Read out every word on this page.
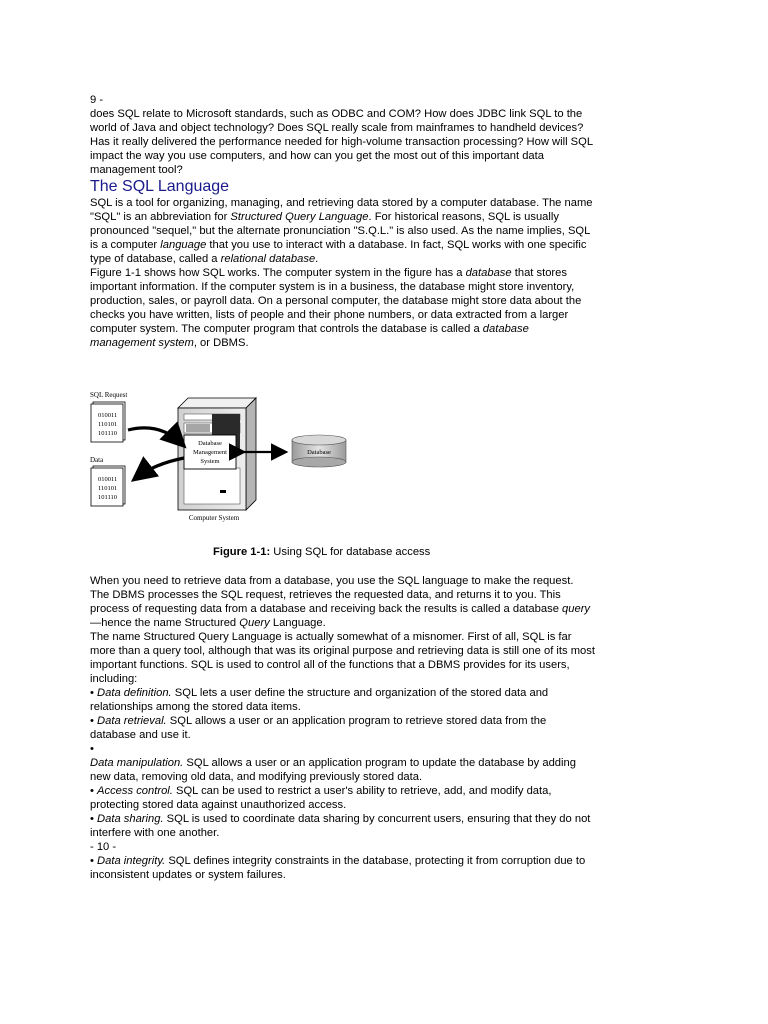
9 -

does SQL relate to Microsoft standards, such as ODBC and COM? How does JDBC link SQL to the world of Java and object technology? Does SQL really scale from mainframes to handheld devices? Has it really delivered the performance needed for high-volume transaction processing? How will SQL impact the way you use computers, and how can you get the most out of this important data management tool?

The SQL Language

SQL is a tool for organizing, managing, and retrieving data stored by a computer database. The name "SQL" is an abbreviation for Structured Query Language. For historical reasons, SQL is usually pronounced "sequel," but the alternate pronunciation "S.Q.L." is also used. As the name implies, SQL is a computer language that you use to interact with a database. In fact, SQL works with one specific type of database, called a relational database.

Figure 1-1 shows how SQL works. The computer system in the figure has a database that stores important information. If the computer system is in a business, the database might store inventory, production, sales, or payroll data. On a personal computer, the database might store data about the checks you have written, lists of people and their phone numbers, or data extracted from a larger computer system. The computer program that controls the database is called a database management system, or DBMS.

SQL Request
010011
110101
101110
Data
010011
110101
101110
Database
Management
System
Database
Computer System
Figure 1-1: Using SQL for database access

When you need to retrieve data from a database, you use the SQL language to make the request. The DBMS processes the SQL request, retrieves the requested data, and returns it to you. This process of requesting data from a database and receiving back the results is called a database query—hence the name Structured Query Language.

The name Structured Query Language is actually somewhat of a misnomer. First of all, SQL is far more than a query tool, although that was its original purpose and retrieving data is still one of its most important functions. SQL is used to control all of the functions that a DBMS provides for its users, including:

• Data definition. SQL lets a user define the structure and organization of the stored data and relationships among the stored data items.

• Data retrieval. SQL allows a user or an application program to retrieve stored data from the database and use it.

•

Data manipulation. SQL allows a user or an application program to update the database by adding new data, removing old data, and modifying previously stored data.

• Access control. SQL can be used to restrict a user's ability to retrieve, add, and modify data, protecting stored data against unauthorized access.

• Data sharing. SQL is used to coordinate data sharing by concurrent users, ensuring that they do not interfere with one another.

- 10 -

• Data integrity. SQL defines integrity constraints in the database, protecting it from corruption due to inconsistent updates or system failures.
